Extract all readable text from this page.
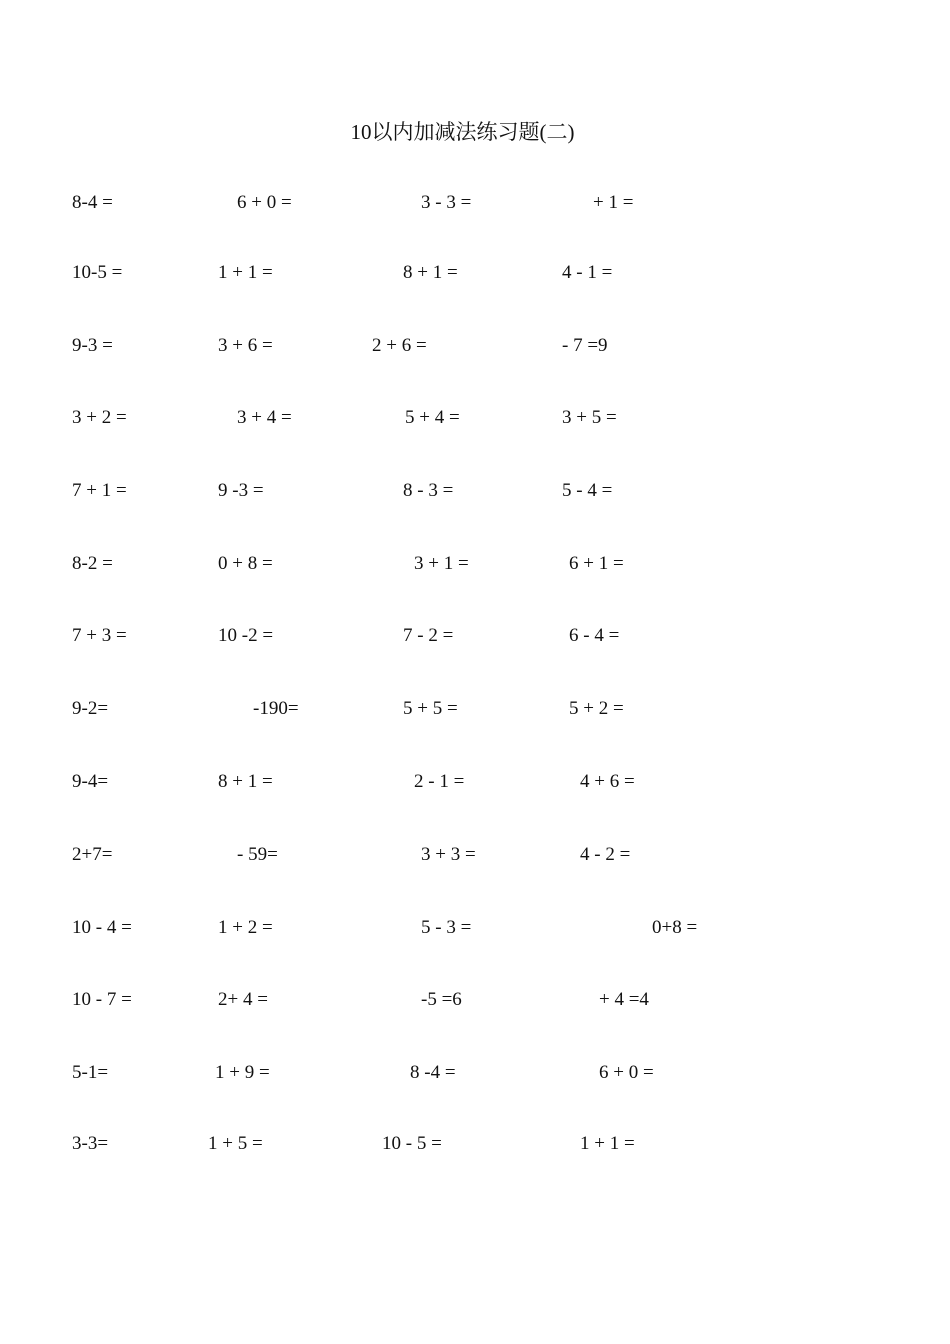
10以内加减法练习题(二)
8-4 =	6 + 0 =	3 - 3 =	+ 1 =
10-5 =	1 + 1 =	8 + 1 =	4 - 1 =
9-3 =	3 + 6 =	2 + 6 =	- 7 =9
3 + 2 =	3 + 4 =	5 + 4 =	3 + 5 =
7 + 1 =	9 -3 =	8 - 3 =	5 - 4 =
8-2 =	0 + 8 =	3 + 1 =	6 + 1 =
7 + 3 =	10 -2 =	7 - 2 =	6 - 4 =
9-2=	-190=	5 + 5 =	5 + 2 =
9-4=	8 + 1 =	2 - 1 =	4 + 6 =
2+7=	- 59=	3 + 3 =	4 - 2 =
10 - 4 =	1 + 2 =	5 - 3 =	0+8 =
10 - 7 =	2+ 4 =	-5 =6	+ 4 =4
5-1=	1 + 9 =	8 -4 =	6 + 0 =
3-3=	1 + 5 =	10 - 5 =	1 + 1 =
